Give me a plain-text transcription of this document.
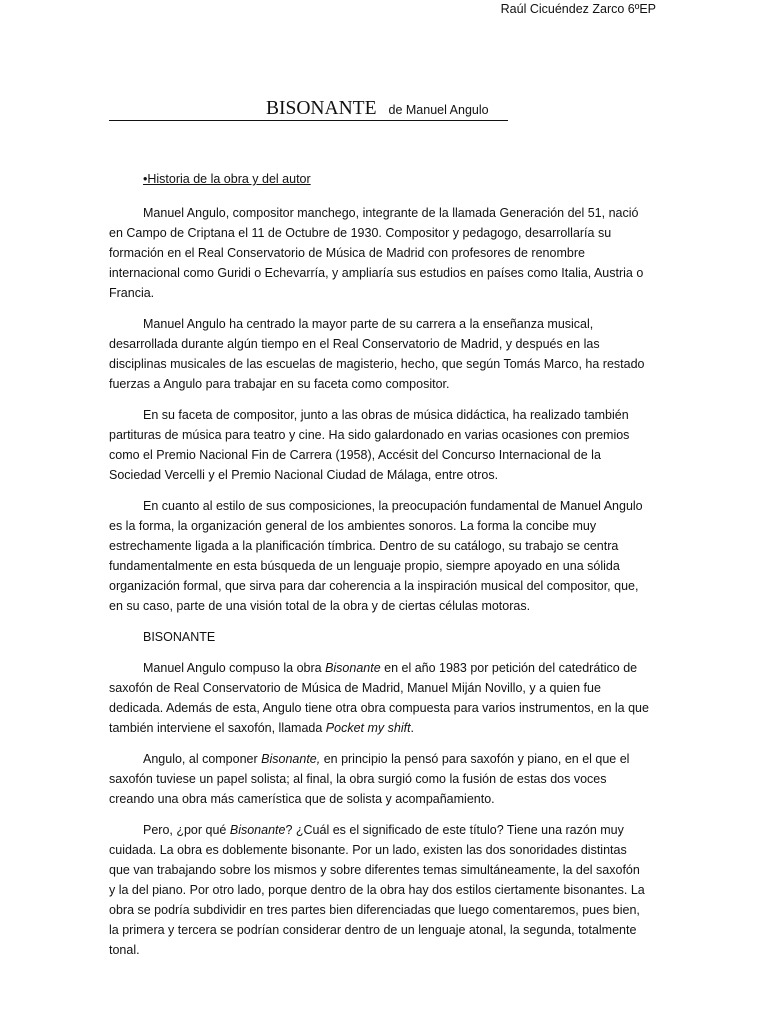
Raúl Cicuéndez Zarco 6ºEP
BISONANTE de Manuel Angulo
•Historia de la obra y del autor

Manuel Angulo, compositor manchego, integrante de la llamada Generación del 51, nació en Campo de Criptana el 11 de Octubre de 1930. Compositor y pedagogo, desarrollaría su formación en el Real Conservatorio de Música de Madrid con profesores de renombre internacional como Guridi o Echevarría, y ampliaría sus estudios en países como Italia, Austria o Francia.

Manuel Angulo ha centrado la mayor parte de su carrera a la enseñanza musical, desarrollada durante algún tiempo en el Real Conservatorio de Madrid, y después en las disciplinas musicales de las escuelas de magisterio, hecho, que según Tomás Marco, ha restado fuerzas a Angulo para trabajar en su faceta como compositor.

En su faceta de compositor, junto a las obras de música didáctica, ha realizado también partituras de música para teatro y cine. Ha sido galardonado en varias ocasiones con premios como el Premio Nacional Fin de Carrera (1958), Accésit del Concurso Internacional de la Sociedad Vercelli y el Premio Nacional Ciudad de Málaga, entre otros.

En cuanto al estilo de sus composiciones, la preocupación fundamental de Manuel Angulo es la forma, la organización general de los ambientes sonoros. La forma la concibe muy estrechamente ligada a la planificación tímbrica. Dentro de su catálogo, su trabajo se centra fundamentalmente en esta búsqueda de un lenguaje propio, siempre apoyado en una sólida organización formal, que sirva para dar coherencia a la inspiración musical del compositor, que, en su caso, parte de una visión total de la obra y de ciertas células motoras.

BISONANTE

Manuel Angulo compuso la obra Bisonante en el año 1983 por petición del catedrático de saxofón de Real Conservatorio de Música de Madrid, Manuel Miján Novillo, y a quien fue dedicada. Además de esta, Angulo tiene otra obra compuesta para varios instrumentos, en la que también interviene el saxofón, llamada Pocket my shift.

Angulo, al componer Bisonante, en principio la pensó para saxofón y piano, en el que el saxofón tuviese un papel solista; al final, la obra surgió como la fusión de estas dos voces creando una obra más camerística que de solista y acompañamiento.

Pero, ¿por qué Bisonante? ¿Cuál es el significado de este título? Tiene una razón muy cuidada. La obra es doblemente bisonante. Por un lado, existen las dos sonoridades distintas que van trabajando sobre los mismos y sobre diferentes temas simultáneamente, la del saxofón y la del piano. Por otro lado, porque dentro de la obra hay dos estilos ciertamente bisonantes. La obra se podría subdividir en tres partes bien diferenciadas que luego comentaremos, pues bien, la primera y tercera se podrían considerar dentro de un lenguaje atonal, la segunda, totalmente tonal.
